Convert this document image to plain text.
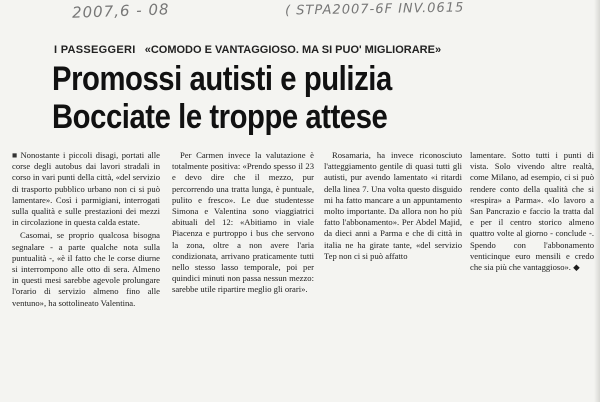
2007,6 - 08	( STPA2007-6F INV.0615
I PASSEGGERI «COMODO E VANTAGGIOSO. MA SI PUO' MIGLIORARE»
Promossi autisti e pulizia
Bocciate le troppe attese

■ Nonostante i piccoli disagi, portati alle corse degli autobus dai lavori stradali in corso in vari punti della città, «del servizio di trasporto pubblico urbano non ci si può lamentare». Così i parmigiani, interrogati sulla qualità e sulle prestazioni dei mezzi in circolazione in questa calda estate.

Casomai, se proprio qualcosa bisogna segnalare - a parte qualche nota sulla puntualità -, «è il fatto che le corse diurne si interrompono alle otto di sera. Almeno in questi mesi sarebbe agevole prolungare l'orario di servizio almeno fino alle ventuno», ha sottolineato Valentina.

Per Carmen invece la valutazione è totalmente positiva: «Prendo spesso il 23 e devo dire che il mezzo, pur percorrendo una tratta lunga, è puntuale, pulito e fresco». Le due studentesse Simona e Valentina sono viaggiatrici abituali del 12: «Abitiamo in viale Piacenza e purtroppo i bus che servono la zona, oltre a non avere l'aria condizionata, arrivano praticamente tutti nello stesso lasso temporale, poi per quindici minuti non passa nessun mezzo: sarebbe utile ripartire meglio gli orari».

Rosamaria, ha invece riconosciuto l'atteggiamento gentile di quasi tutti gli autisti, pur avendo lamentato «i ritardi della linea 7. Una volta questo disguido mi ha fatto mancare a un appuntamento molto importante. Da allora non ho più fatto l'abbonamento». Per Abdel Majid, da dieci anni a Parma e che di città in italia ne ha girate tante, «del servizio Tep non ci si può affatto

lamentare. Sotto tutti i punti di vista. Solo vivendo altre realtà, come Milano, ad esempio, ci si può rendere conto della qualità che si «respira» a Parma». «Io lavoro a San Pancrazio e faccio la tratta dal e per il centro storico almeno quattro volte al giorno - conclude -. Spendo con l'abbonamento venticinque euro mensili e credo che sia più che vantaggioso». ◆
